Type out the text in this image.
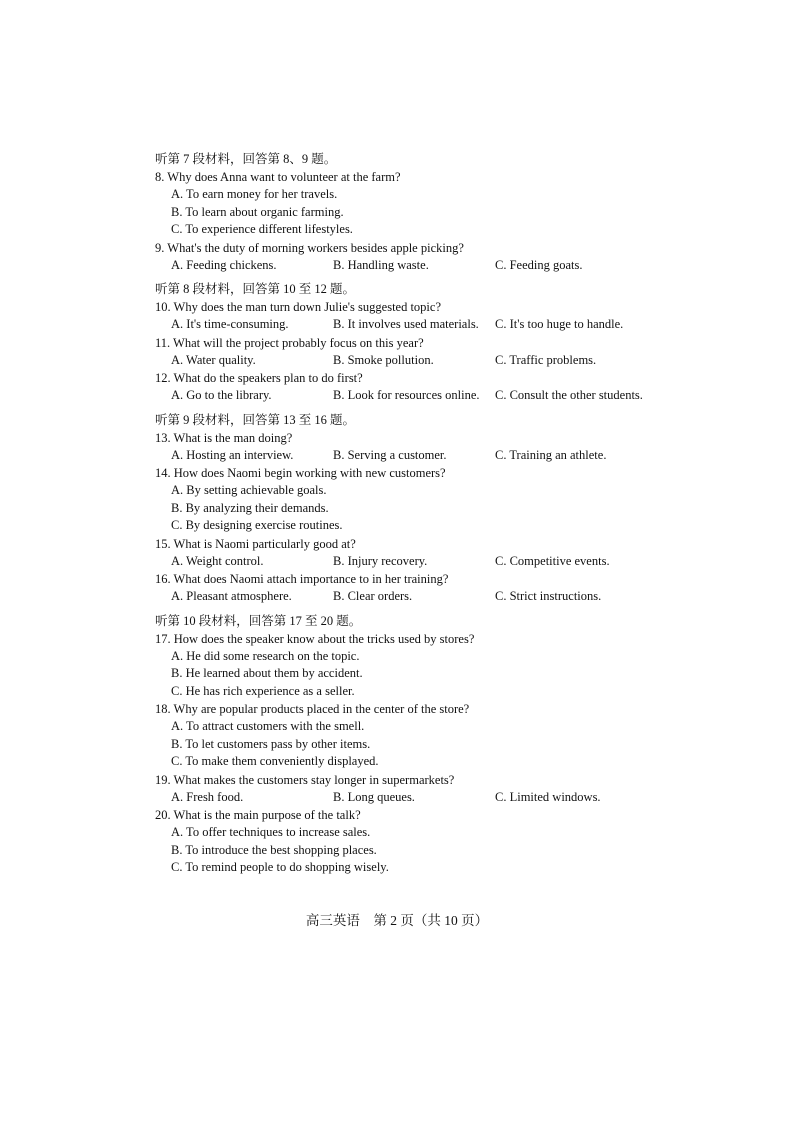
听第 7 段材料，回答第 8、9 题。
8. Why does Anna want to volunteer at the farm?
A. To earn money for her travels.
B. To learn about organic farming.
C. To experience different lifestyles.
9. What's the duty of morning workers besides apple picking?
A. Feeding chickens.	B. Handling waste.	C. Feeding goats.
听第 8 段材料，回答第 10 至 12 题。
10. Why does the man turn down Julie's suggested topic?
A. It's time-consuming.	B. It involves used materials. C. It's too huge to handle.
11. What will the project probably focus on this year?
A. Water quality.	B. Smoke pollution.	C. Traffic problems.
12. What do the speakers plan to do first?
A. Go to the library.	B. Look for resources online. C. Consult the other students.
听第 9 段材料，回答第 13 至 16 题。
13. What is the man doing?
A. Hosting an interview.	B. Serving a customer.	C. Training an athlete.
14. How does Naomi begin working with new customers?
A. By setting achievable goals.
B. By analyzing their demands.
C. By designing exercise routines.
15. What is Naomi particularly good at?
A. Weight control.	B. Injury recovery.	C. Competitive events.
16. What does Naomi attach importance to in her training?
A. Pleasant atmosphere.	B. Clear orders.	C. Strict instructions.
听第 10 段材料，回答第 17 至 20 题。
17. How does the speaker know about the tricks used by stores?
A. He did some research on the topic.
B. He learned about them by accident.
C. He has rich experience as a seller.
18. Why are popular products placed in the center of the store?
A. To attract customers with the smell.
B. To let customers pass by other items.
C. To make them conveniently displayed.
19. What makes the customers stay longer in supermarkets?
A. Fresh food.	B. Long queues.	C. Limited windows.
20. What is the main purpose of the talk?
A. To offer techniques to increase sales.
B. To introduce the best shopping places.
C. To remind people to do shopping wisely.
高三英语　第 2 页（共 10 页）
